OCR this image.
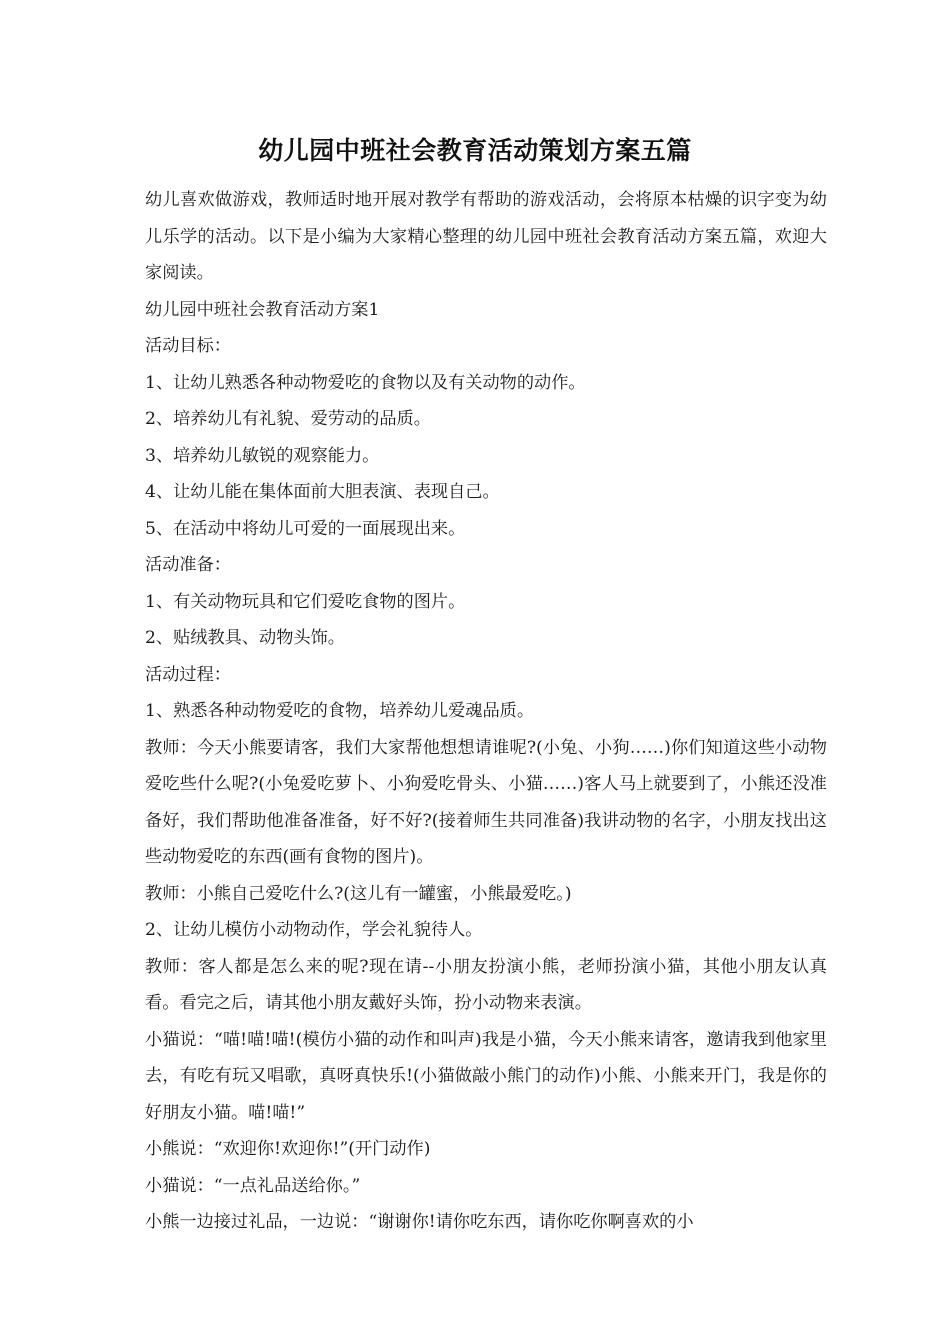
幼儿园中班社会教育活动策划方案五篇

幼儿喜欢做游戏，教师适时地开展对教学有帮助的游戏活动，会将原本枯燥的识字变为幼儿乐学的活动。以下是小编为大家精心整理的幼儿园中班社会教育活动方案五篇，欢迎大家阅读。

幼儿园中班社会教育活动方案1

活动目标：

1、让幼儿熟悉各种动物爱吃的食物以及有关动物的动作。

2、培养幼儿有礼貌、爱劳动的品质。

3、培养幼儿敏锐的观察能力。

4、让幼儿能在集体面前大胆表演、表现自己。

5、在活动中将幼儿可爱的一面展现出来。

活动准备：

1、有关动物玩具和它们爱吃食物的图片。

2、贴绒教具、动物头饰。

活动过程：

1、熟悉各种动物爱吃的食物，培养幼儿爱魂品质。

教师：今天小熊要请客，我们大家帮他想想请谁呢?(小兔、小狗……)你们知道这些小动物爱吃些什么呢?(小兔爱吃萝卜、小狗爱吃骨头、小猫……)客人马上就要到了，小熊还没准备好，我们帮助他准备准备，好不好?(接着师生共同准备)我讲动物的名字，小朋友找出这些动物爱吃的东西(画有食物的图片)。

教师：小熊自己爱吃什么?(这儿有一罐蜜，小熊最爱吃。)

2、让幼儿模仿小动物动作，学会礼貌待人。

教师：客人都是怎么来的呢?现在请--小朋友扮演小熊，老师扮演小猫，其他小朋友认真看。看完之后，请其他小朋友戴好头饰，扮小动物来表演。

小猫说：“喵!喵!喵!(模仿小猫的动作和叫声)我是小猫，今天小熊来请客，邀请我到他家里去，有吃有玩又唱歌，真呀真快乐!(小猫做敲小熊门的动作)小熊、小熊来开门，我是你的好朋友小猫。喵!喵!”

小熊说：“欢迎你!欢迎你!”(开门动作)

小猫说：“一点礼品送给你。”

小熊一边接过礼品，一边说：“谢谢你!请你吃东西，请你吃你啊喜欢的小
